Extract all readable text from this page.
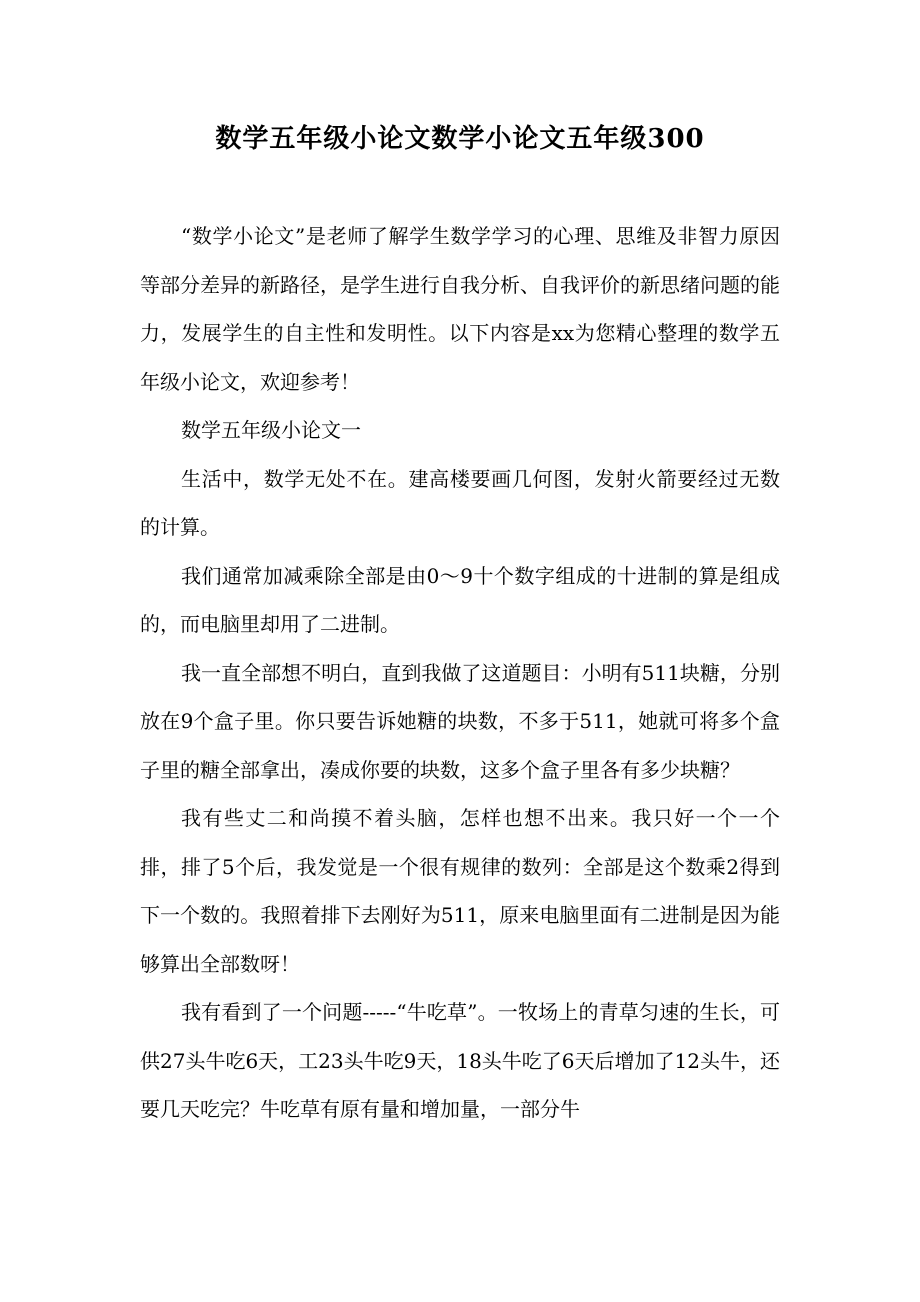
数学五年级小论文数学小论文五年级300

“数学小论文”是老师了解学生数学学习的心理、思维及非智力原因等部分差异的新路径，是学生进行自我分析、自我评价的新思绪问题的能力，发展学生的自主性和发明性。以下内容是xx为您精心整理的数学五年级小论文，欢迎参考！

数学五年级小论文一

生活中，数学无处不在。建高楼要画几何图，发射火箭要经过无数的计算。

我们通常加减乘除全部是由0～9十个数字组成的十进制的算是组成的，而电脑里却用了二进制。

我一直全部想不明白，直到我做了这道题目：小明有511块糖，分别放在9个盒子里。你只要告诉她糖的块数，不多于511，她就可将多个盒子里的糖全部拿出，凑成你要的块数，这多个盒子里各有多少块糖？

我有些丈二和尚摸不着头脑，怎样也想不出来。我只好一个一个排，排了5个后，我发觉是一个很有规律的数列：全部是这个数乘2得到下一个数的。我照着排下去刚好为511，原来电脑里面有二进制是因为能够算出全部数呀！

我有看到了一个问题-----“牛吃草”。一牧场上的青草匀速的生长，可供27头牛吃6天，工23头牛吃9天，18头牛吃了6天后增加了12头牛，还要几天吃完？牛吃草有原有量和增加量，一部分牛
